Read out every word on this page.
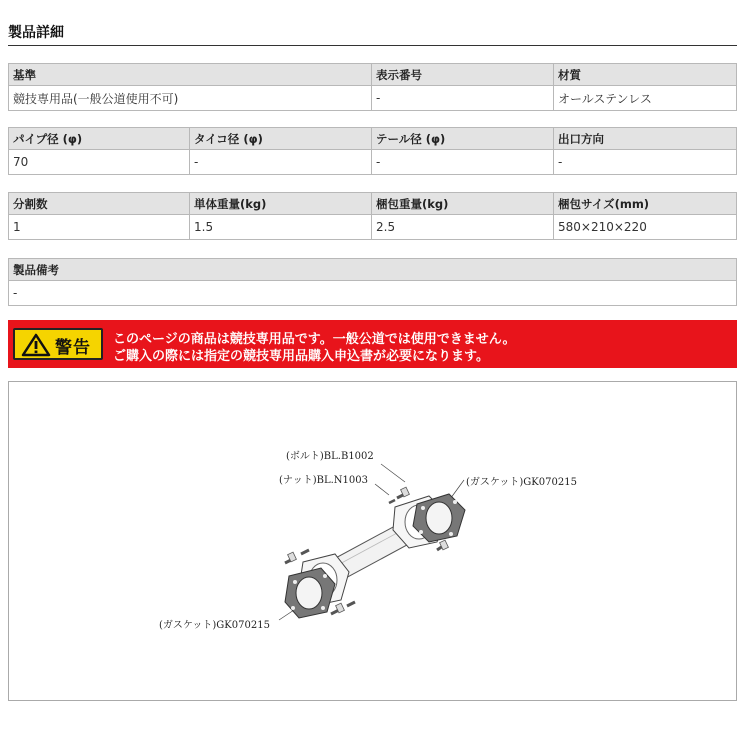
製品詳細
基準	表示番号	材質
競技専用品(一般公道使用不可)	-	オールステンレス
パイプ径 (φ)	タイコ径 (φ)	テール径 (φ)	出口方向
70	-	-	-
分割数	単体重量(kg)	梱包重量(kg)	梱包サイズ(mm)
1	1.5	2.5	580×210×220
製品備考
-
警告 このページの商品は競技専用品です。一般公道では使用できません。
ご購入の際には指定の競技専用品購入申込書が必要になります。
(ボルト)BL.B1002
(ナット)BL.N1003	(ガスケット)GK070215
(ガスケット)GK070215
